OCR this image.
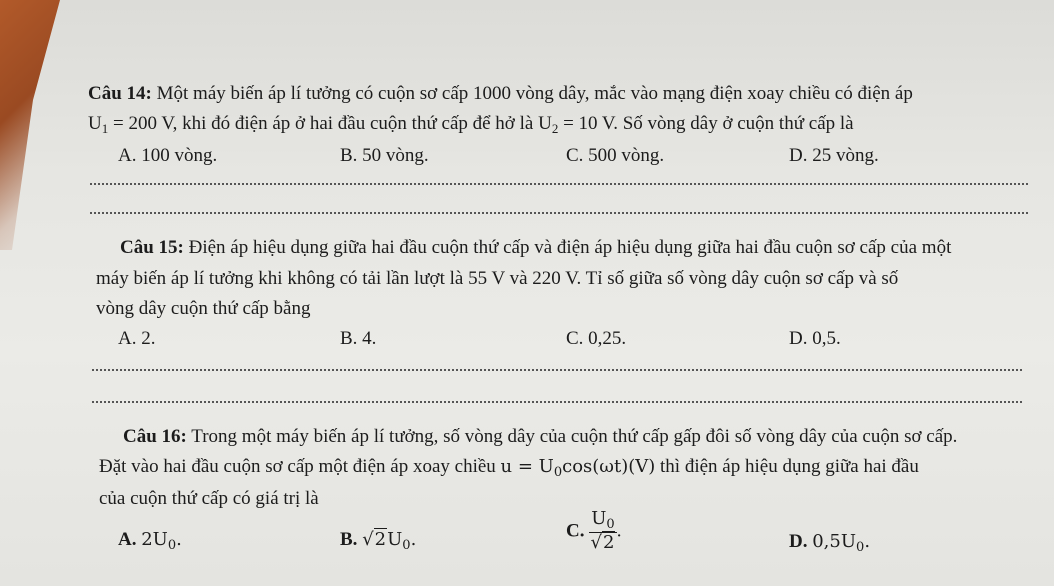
Câu 14: Một máy biến áp lí tưởng có cuộn sơ cấp 1000 vòng dây, mắc vào mạng điện xoay chiều có điện áp
$U_1 = 200$ V, khi đó điện áp ở hai đầu cuộn thứ cấp để hở là $U_2 = 10$ V. Số vòng dây ở cuộn thứ cấp là
A. 100 vòng.	B. 50 vòng.	C. 500 vòng.	D. 25 vòng.
Câu 15: Điện áp hiệu dụng giữa hai đầu cuộn thứ cấp và điện áp hiệu dụng giữa hai đầu cuộn sơ cấp của một
máy biến áp lí tưởng khi không có tải lần lượt là 55 V và 220 V. Tỉ số giữa số vòng dây cuộn sơ cấp và số
vòng dây cuộn thứ cấp bằng
A. 2.	B. 4.	C. 0,25.	D. 0,5.
Câu 16: Trong một máy biến áp lí tưởng, số vòng dây của cuộn thứ cấp gấp đôi số vòng dây của cuộn sơ cấp.
Đặt vào hai đầu cuộn sơ cấp một điện áp xoay chiều $u = U_0\cos(\omega t)(V)$ thì điện áp hiệu dụng giữa hai đầu
của cuộn thứ cấp có giá trị là
A. $2U_0$.	B. $√2U_0$.	C. $\frac{U_0}{√2}$ .	D. $0,5U_0$.
